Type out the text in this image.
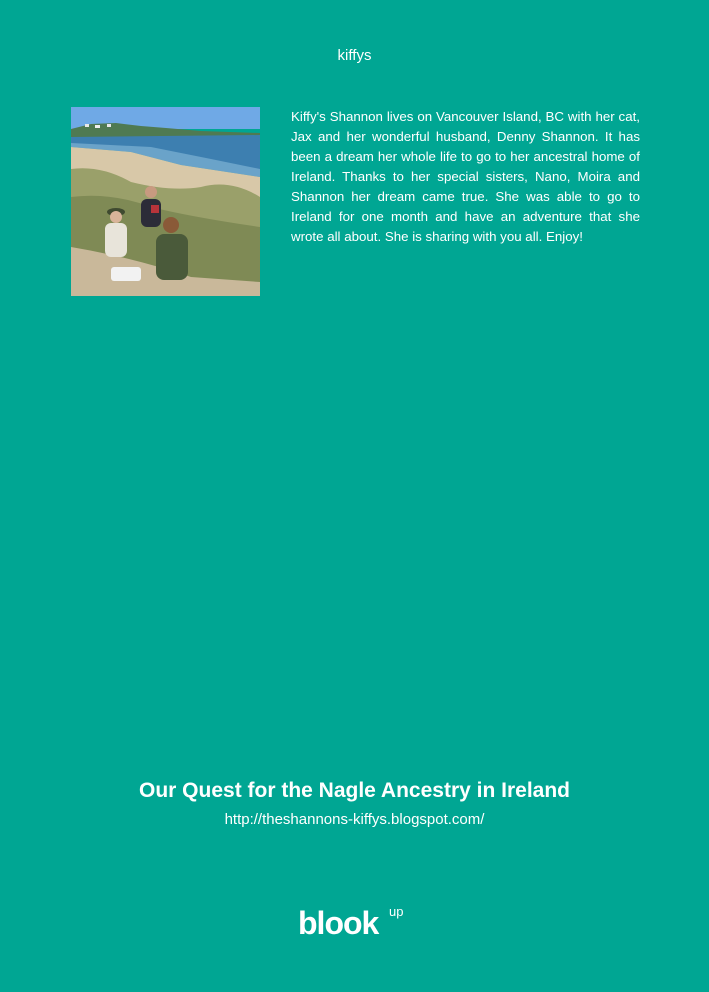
kiffys
Kiffy's Shannon lives on Vancouver Island, BC with her cat, Jax and her wonderful husband, Denny Shannon. It has been a dream her whole life to go to her ancestral home of Ireland. Thanks to her special sisters, Nano, Moira and Shannon her dream came true. She was able to go to Ireland for one month and have an adventure that she wrote all about. She is sharing with you all. Enjoy!
Our Quest for the Nagle Ancestry in Ireland
http://theshannons-kiffys.blogspot.com/
blook up
